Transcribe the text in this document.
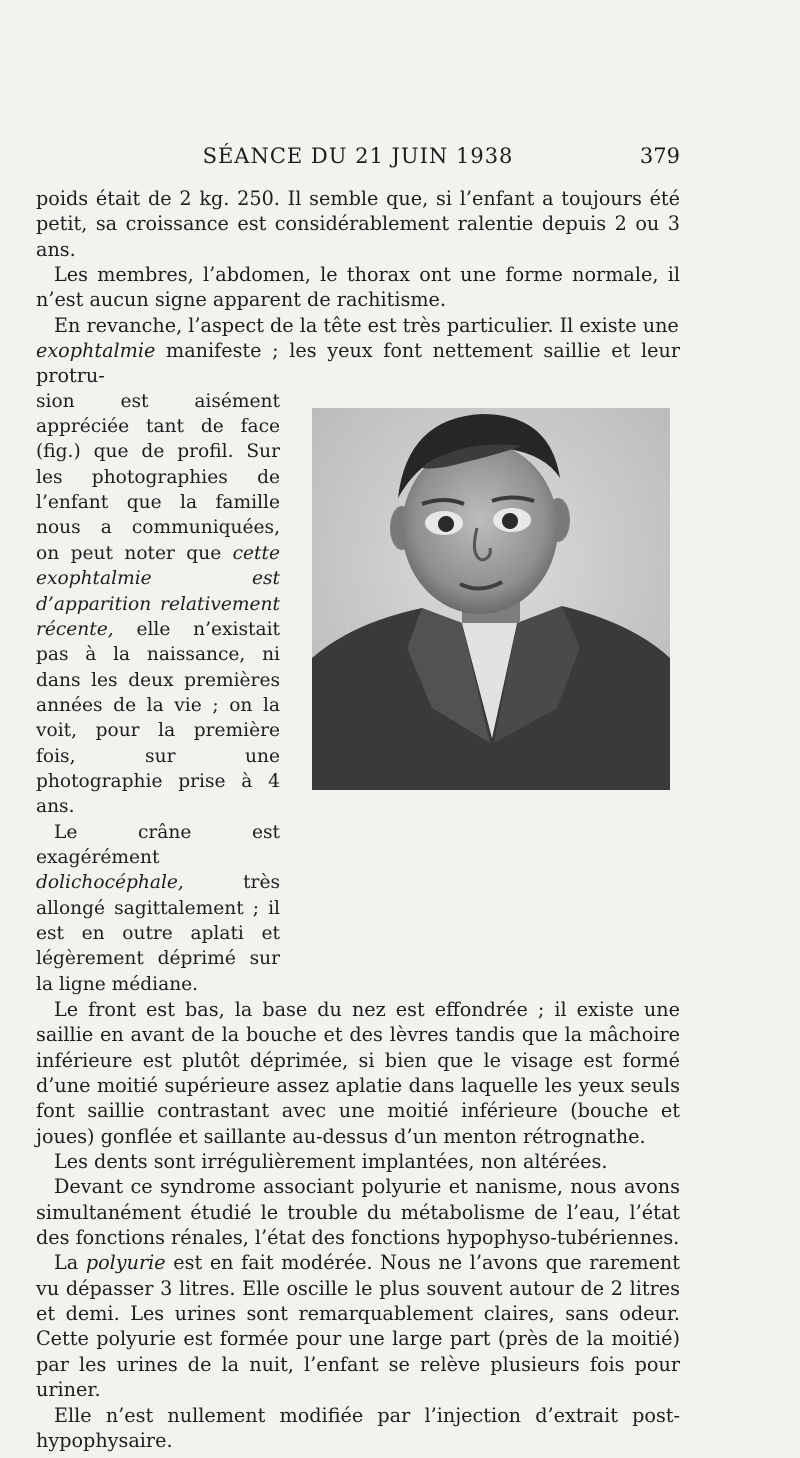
SÉANCE DU 21 JUIN 1938	379

poids était de 2 kg. 250. Il semble que, si l’enfant a toujours été petit, sa croissance est considérablement ralentie depuis 2 ou 3 ans.

Les membres, l’abdomen, le thorax ont une forme normale, il n’est aucun signe apparent de rachitisme.

En revanche, l’aspect de la tête est très particulier. Il existe une

exophtalmie manifeste ; les yeux font nettement saillie et leur protru-

sion est aisément appréciée tant de face (fig.) que de profil. Sur les photographies de l’enfant que la famille nous a communiquées, on peut noter que cette exophtalmie est d’apparition relativement récente, elle n’existait pas à la naissance, ni dans les deux premières années de la vie ; on la voit, pour la première fois, sur une photographie prise à 4 ans.

Le crâne est exagérément dolichocéphale, très allongé sagittalement ; il est en outre aplati et légèrement déprimé sur la ligne médiane.

Le front est bas, la base du nez est effondrée ; il existe une saillie en avant de la bouche et des lèvres tandis que la mâchoire inférieure est plutôt déprimée, si bien que le visage est formé d’une moitié supérieure assez aplatie dans laquelle les yeux seuls font saillie contrastant avec une moitié inférieure (bouche et joues) gonflée et saillante au-dessus d’un menton rétrognathe.

Les dents sont irrégulièrement implantées, non altérées.

Devant ce syndrome associant polyurie et nanisme, nous avons simultanément étudié le trouble du métabolisme de l’eau, l’état des fonctions rénales, l’état des fonctions hypophyso-tubériennes.

La polyurie est en fait modérée. Nous ne l’avons que rarement vu dépasser 3 litres. Elle oscille le plus souvent autour de 2 litres et demi. Les urines sont remarquablement claires, sans odeur. Cette polyurie est formée pour une large part (près de la moitié) par les urines de la nuit, l’enfant se relève plusieurs fois pour uriner.

Elle n’est nullement modifiée par l’injection d’extrait post-hypophysaire.
